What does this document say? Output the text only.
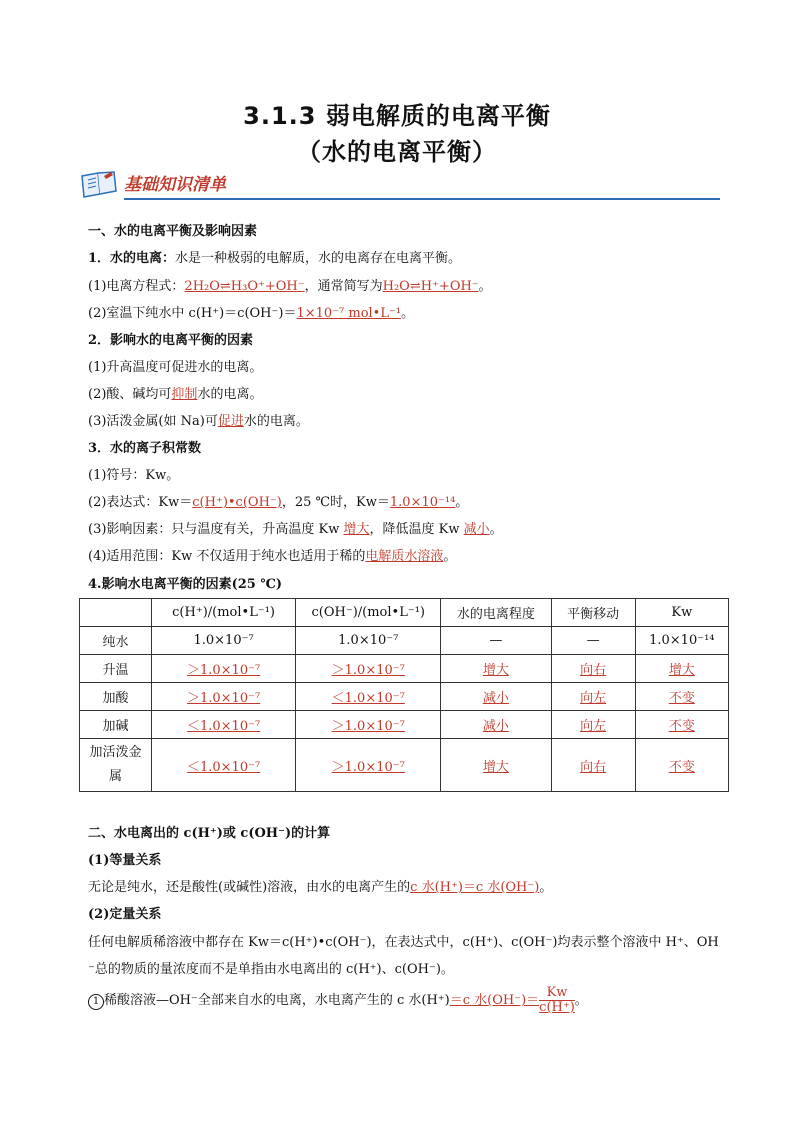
3.1.3 弱电解质的电离平衡
（水的电离平衡）
基础知识清单
一、水的电离平衡及影响因素
1．水的电离：水是一种极弱的电解质，水的电离存在电离平衡。
(1)电离方程式：2H₂O⇌H₃O⁺+OH⁻，通常简写为H₂O⇌H⁺+OH⁻。
(2)室温下纯水中 c(H⁺)＝c(OH⁻)＝1×10⁻⁷ mol•L⁻¹。
2．影响水的电离平衡的因素
(1)升高温度可促进水的电离。
(2)酸、碱均可抑制水的电离。
(3)活泼金属(如 Na)可促进水的电离。
3．水的离子积常数
(1)符号：Kw。
(2)表达式：Kw＝c(H⁺)•c(OH⁻)，25 ℃时，Kw＝1.0×10⁻¹⁴。
(3)影响因素：只与温度有关，升高温度 Kw 增大，降低温度 Kw 减小。
(4)适用范围：Kw 不仅适用于纯水也适用于稀的电解质水溶液。
4.影响水电离平衡的因素(25 ℃)
	c(H⁺)/(mol•L⁻¹)	c(OH⁻)/(mol•L⁻¹)	水的电离程度	平衡移动	Kw
纯水	1.0×10⁻⁷	1.0×10⁻⁷	—	—	1.0×10⁻¹⁴
升温	＞1.0×10⁻⁷	＞1.0×10⁻⁷	增大	向右	增大
加酸	＞1.0×10⁻⁷	＜1.0×10⁻⁷	减小	向左	不变
加碱	＜1.0×10⁻⁷	＞1.0×10⁻⁷	减小	向左	不变
加活泼金属	＜1.0×10⁻⁷	＞1.0×10⁻⁷	增大	向右	不变
二、水电离出的 c(H⁺)或 c(OH⁻)的计算
(1)等量关系
无论是纯水，还是酸性(或碱性)溶液，由水的电离产生的c 水(H⁺)＝c 水(OH⁻)。
(2)定量关系
任何电解质稀溶液中都存在 Kw＝c(H⁺)•c(OH⁻)，在表达式中，c(H⁺)、c(OH⁻)均表示整个溶液中 H⁺、OH
⁻总的物质的量浓度而不是单指由水电离出的 c(H⁺)、c(OH⁻)。
1 稀酸溶液—OH⁻全部来自水的电离，水电离产生的 c 水(H⁺)＝c 水$(OH^-)= \frac{Kw}{c(H^+)}$ 。
